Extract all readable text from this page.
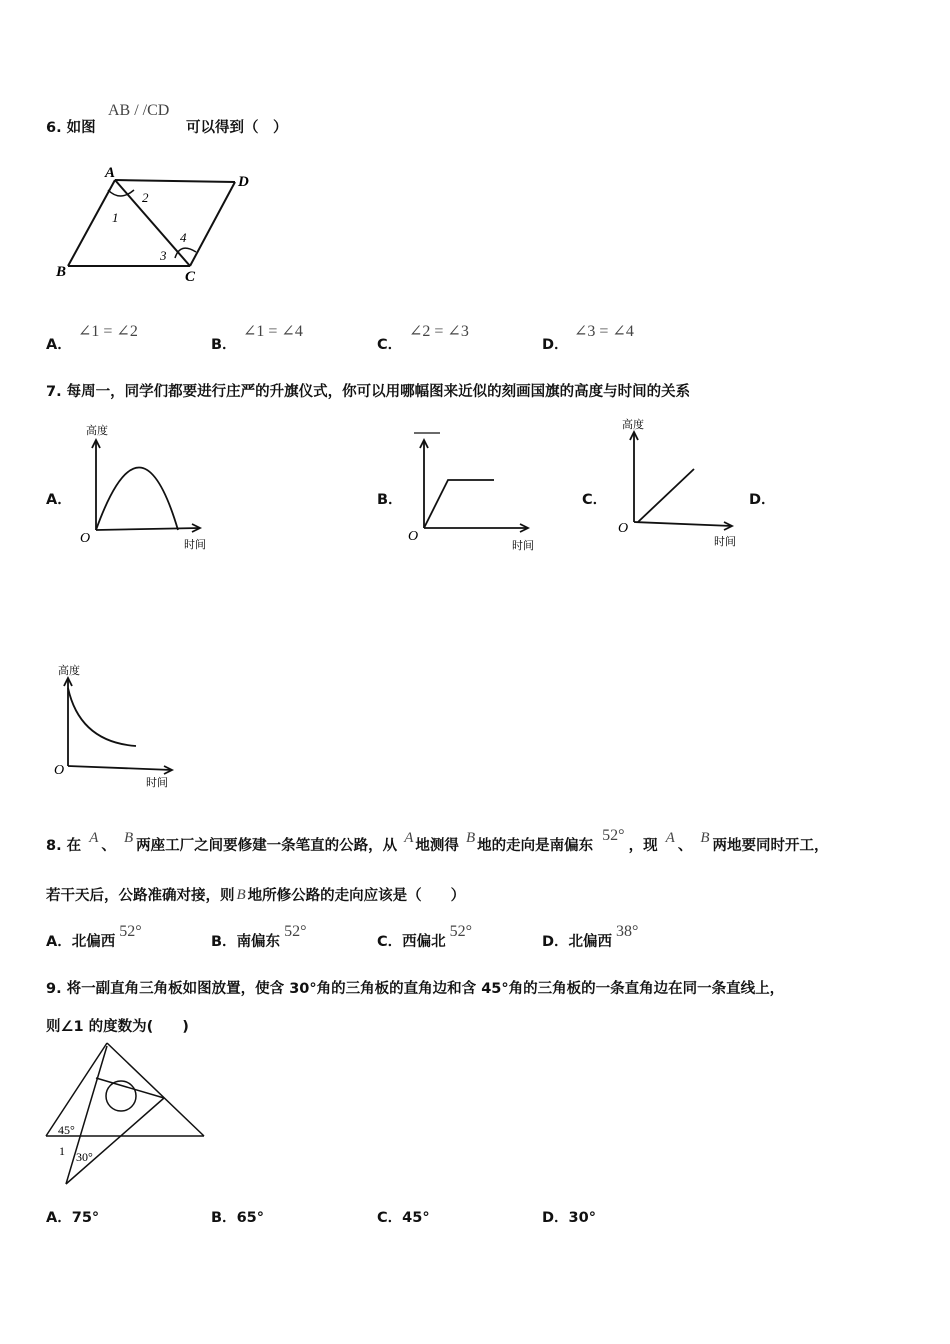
6. 如图
AB / /CD
可以得到（　）
A
D
B	C
1
2
3
4
A．
∠1 = ∠2
B．
∠1 = ∠4
C．
∠2 = ∠3
D．
∠3 = ∠4
7. 每周一，同学们都要进行庄严的升旗仪式，你可以用哪幅图来近似的刻画国旗的高度与时间的关系
A．
高度
O	时间
B．
O
时间
C．
高度
O
时间
D．
高度
O
时间
8. 在 A 、 B 两座工厂之间要修建一条笔直的公路，从 A 地测得 B 地的走向是南偏东 52°，现 A 、 B 两地要同时开工，
若干天后，公路准确对接，则 B 地所修公路的走向应该是（　　）
A．北偏西52°
B．南偏东52°
C．西偏北52°
D．北偏西38°
9. 将一副直角三角板如图放置，使含 30°角的三角板的直角边和含 45°角的三角板的一条直角边在同一条直线上，
则∠1 的度数为(　　)
45°
1 30°
A．75°	B．65°	C．45°	D．30°
